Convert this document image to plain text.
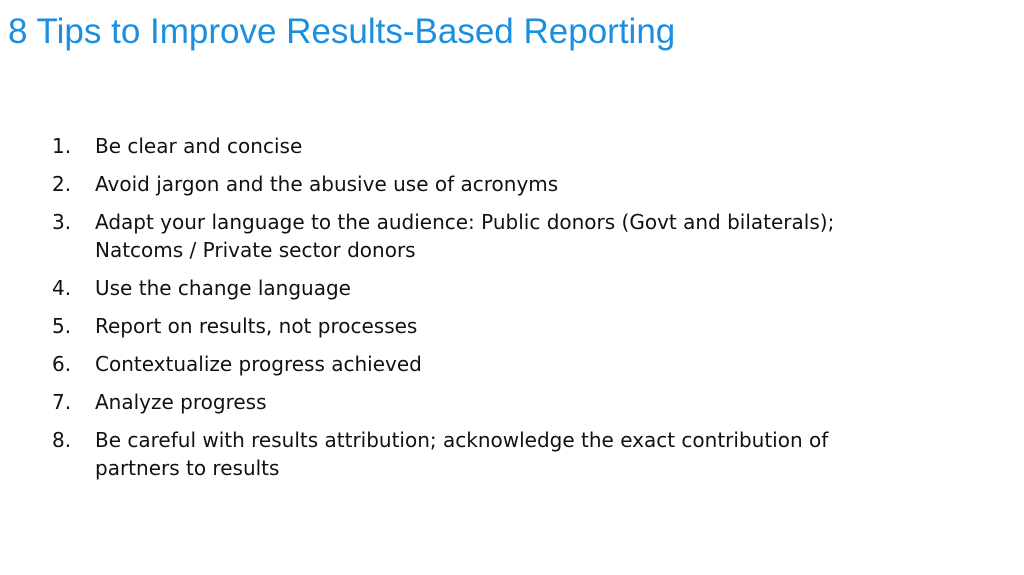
8 Tips to Improve Results-Based Reporting
1.	Be clear and concise
2.	Avoid jargon and the abusive use of acronyms
3.	Adapt your language to the audience: Public donors (Govt and bilaterals); Natcoms / Private sector donors
4.	Use the change language
5.	Report on results, not processes
6.	Contextualize progress achieved
7.	Analyze progress
8.	Be careful with results attribution; acknowledge the exact contribution of partners to results
